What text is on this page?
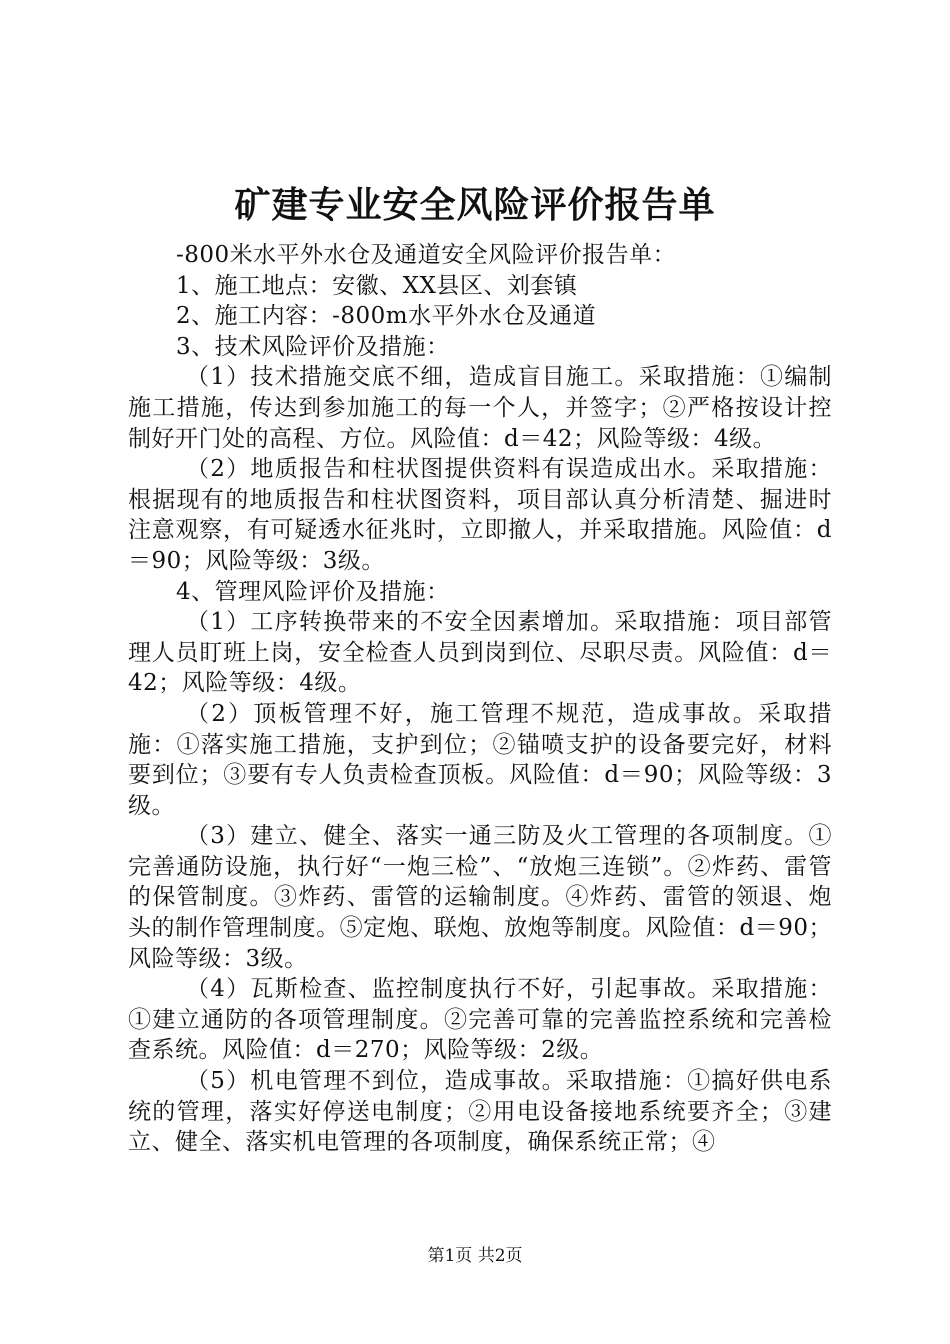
矿建专业安全风险评价报告单

-800米水平外水仓及通道安全风险评价报告单：

1、施工地点：安徽、XX县区、刘套镇

2、施工内容：-800m水平外水仓及通道

3、技术风险评价及措施：

（1）技术措施交底不细，造成盲目施工。采取措施：①编制施工措施，传达到参加施工的每一个人，并签字；②严格按设计控制好开门处的高程、方位。风险值：d＝42；风险等级：4级。

（2）地质报告和柱状图提供资料有误造成出水。采取措施：根据现有的地质报告和柱状图资料，项目部认真分析清楚、掘进时注意观察，有可疑透水征兆时，立即撤人，并采取措施。风险值：d＝90；风险等级：3级。

4、管理风险评价及措施：

（1）工序转换带来的不安全因素增加。采取措施：项目部管理人员盯班上岗，安全检查人员到岗到位、尽职尽责。风险值：d＝42；风险等级：4级。

（2）顶板管理不好，施工管理不规范，造成事故。采取措施：①落实施工措施，支护到位；②锚喷支护的设备要完好，材料要到位；③要有专人负责检查顶板。风险值：d＝90；风险等级：3级。

（3）建立、健全、落实一通三防及火工管理的各项制度。①完善通防设施，执行好“一炮三检”、“放炮三连锁”。②炸药、雷管的保管制度。③炸药、雷管的运输制度。④炸药、雷管的领退、炮头的制作管理制度。⑤定炮、联炮、放炮等制度。风险值：d＝90；风险等级：3级。

（4）瓦斯检查、监控制度执行不好，引起事故。采取措施：①建立通防的各项管理制度。②完善可靠的完善监控系统和完善检查系统。风险值：d＝270；风险等级：2级。

（5）机电管理不到位，造成事故。采取措施：①搞好供电系统的管理，落实好停送电制度；②用电设备接地系统要齐全；③建立、健全、落实机电管理的各项制度，确保系统正常；④

第1页 共2页
